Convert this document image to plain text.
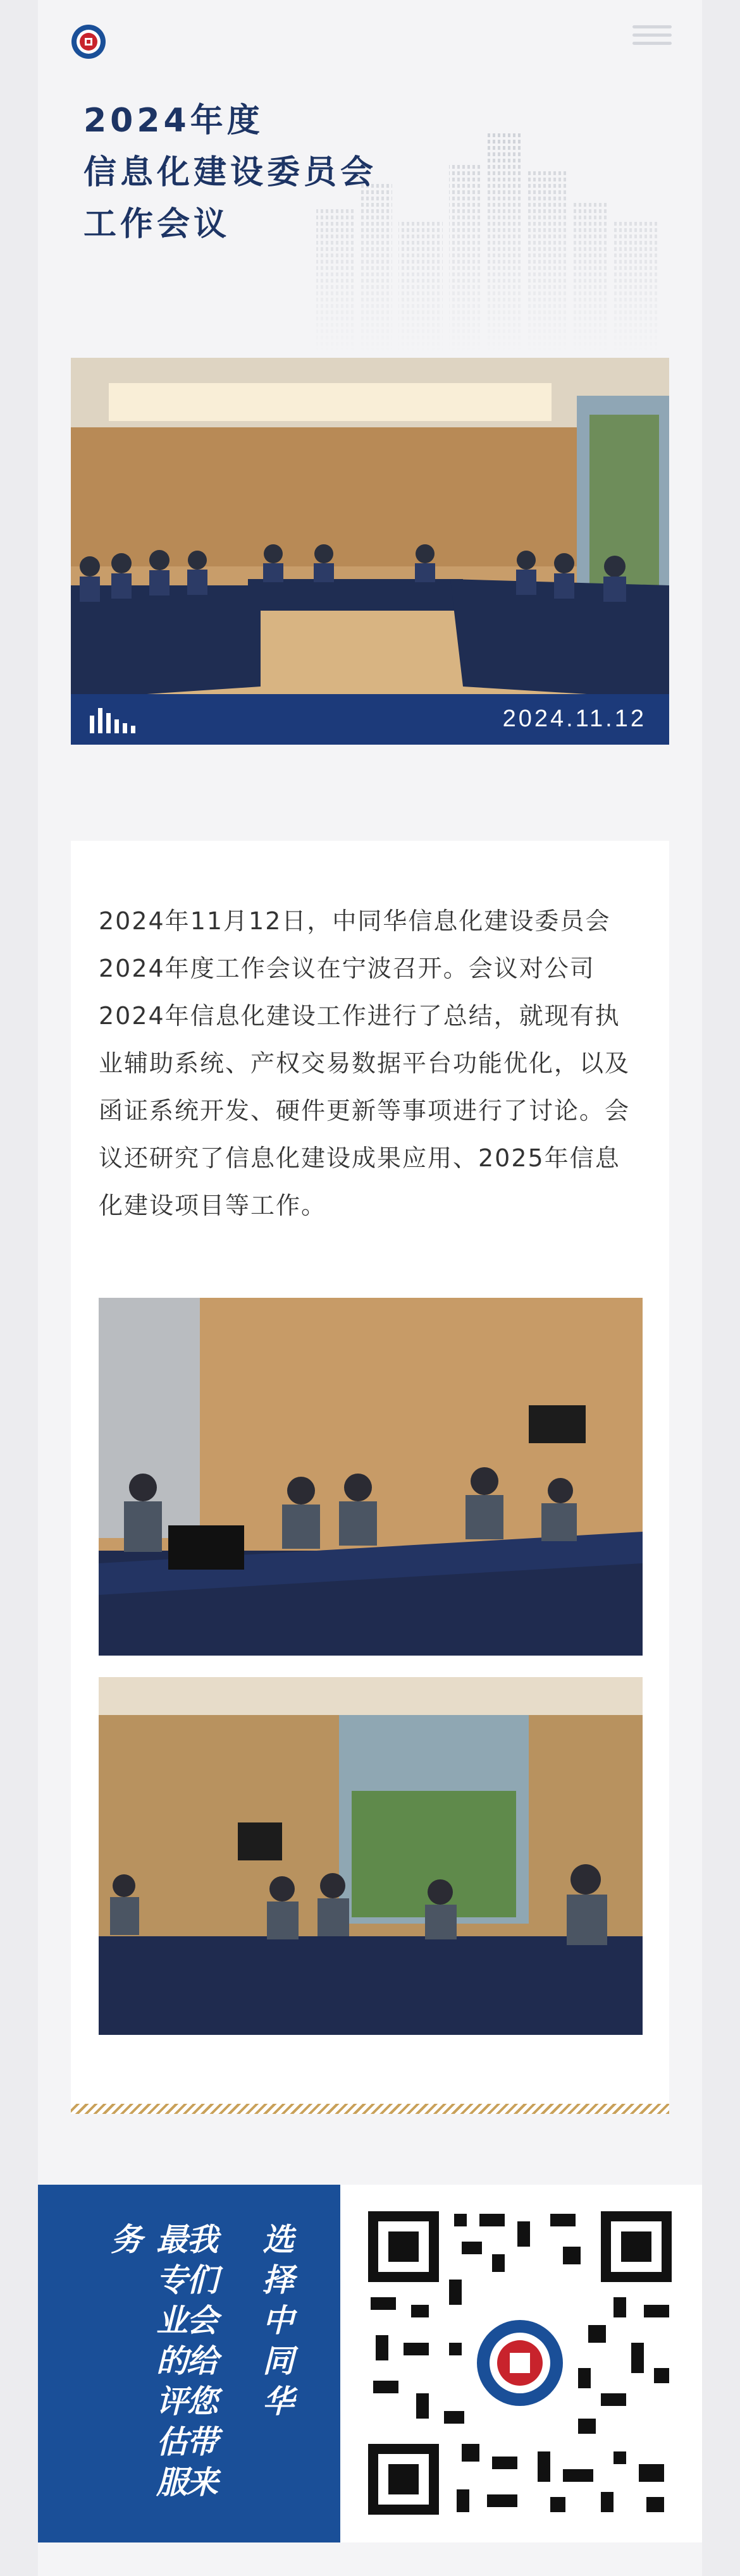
2024年度
信息化建设委员会
工作会议
2024.11.12

2024年11月12日，中同华信息化建设委员会2024年度工作会议在宁波召开。会议对公司2024年信息化建设工作进行了总结，就现有执业辅助系统、产权交易数据平台功能优化，以及函证系统开发、硬件更新等事项进行了讨论。会议还研究了信息化建设成果应用、2025年信息化建设项目等工作。

选择中同华

我们会给您带来

最专业的评估服务
